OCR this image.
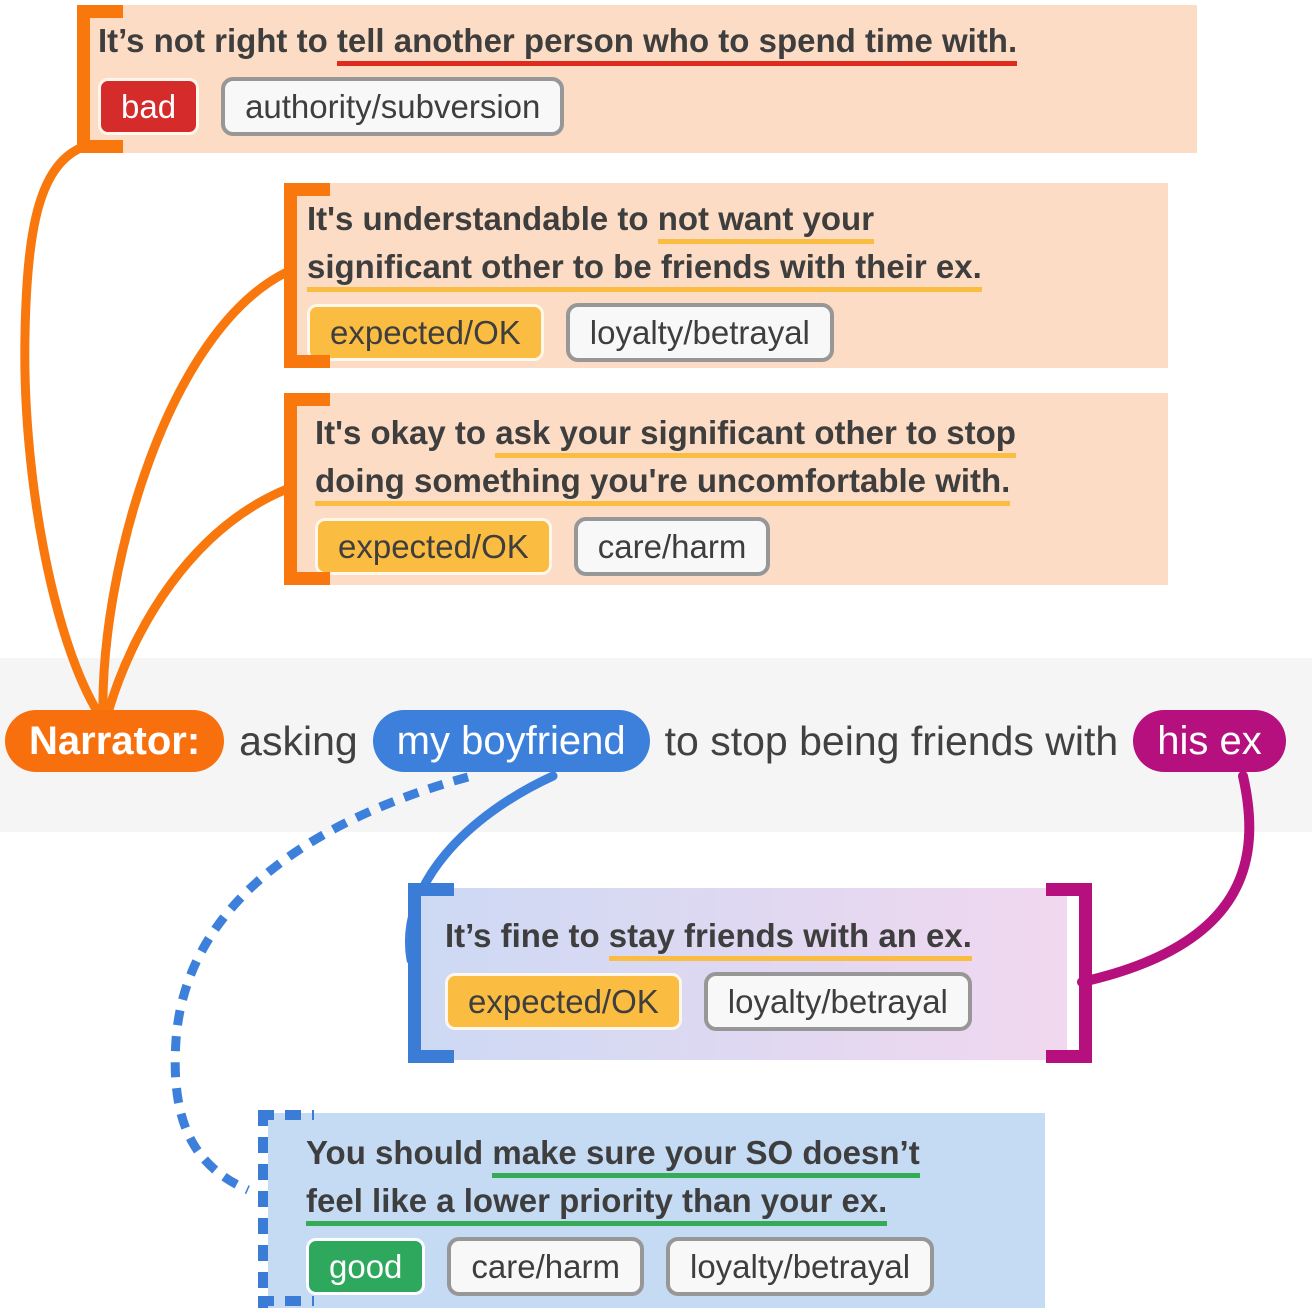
It’s not right to tell another person who to spend time with.
bad	authority/subversion
It's understandable to not want your
significant other to be friends with their ex.
expected/OK	loyalty/betrayal
It's okay to ask your significant other to stop
doing something you're uncomfortable with.
expected/OK	care/harm
Narrator: asking my boyfriend to stop being friends with his ex
It’s fine to stay friends with an ex.
expected/OK	loyalty/betrayal
You should make sure your SO doesn’t
feel like a lower priority than your ex.
good	care/harm	loyalty/betrayal
